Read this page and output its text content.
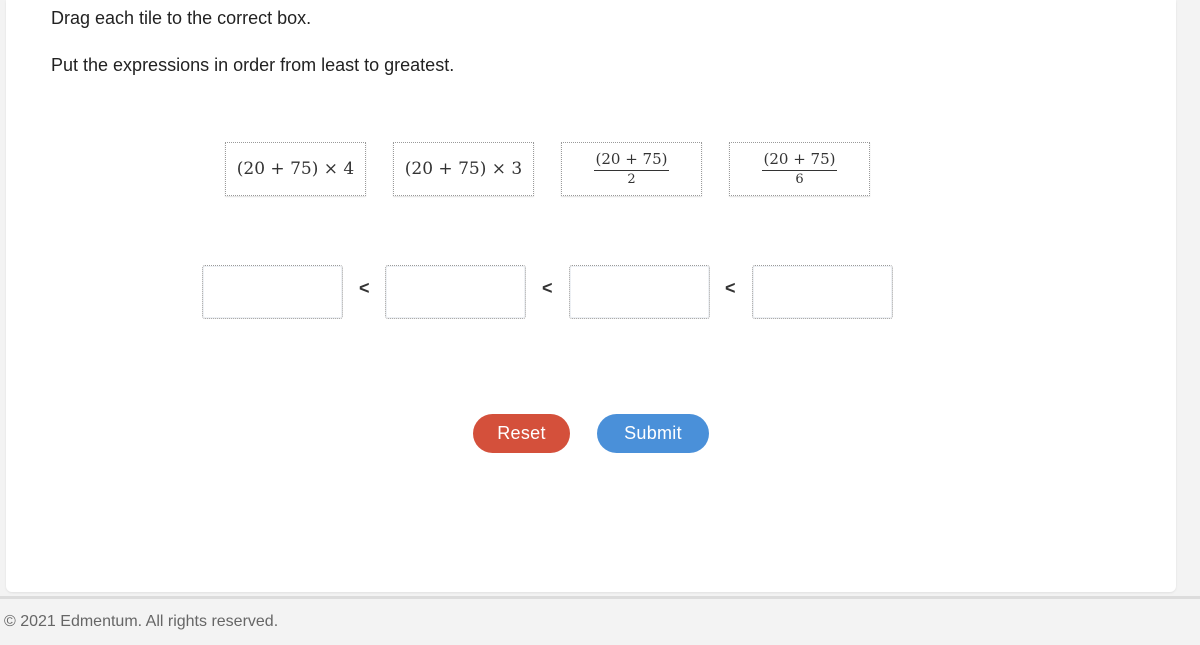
Drag each tile to the correct box.
Put the expressions in order from least to greatest.
(20 + 75) × 4	(20 + 75) × 3	$\frac{(20 + 75)}{2}$	$\frac{(20 + 75)}{6}$
<	<	<
Reset	Submit
© 2021 Edmentum. All rights reserved.
